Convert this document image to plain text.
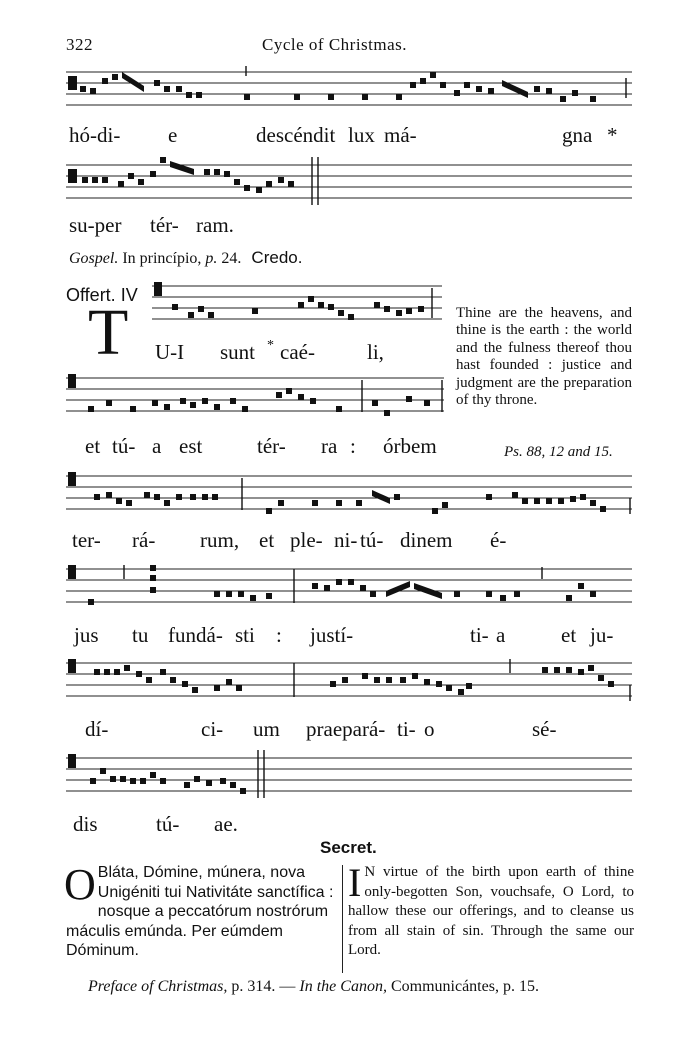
322	Cycle of Christmas.
hó-di- e	descéndit lux má-	gna *
su-per tér- ram.
Gospel. In princípio, p. 24. Credo.
Offert. IV
T U-I sunt * caé- li,
Thine are the heavens, and thine is the earth : the world and the fulness thereof thou hast founded : justice and judgment are the preparation of thy throne.
Ps. 88, 12 and 15.
et tú- a est	tér- ra : órbem
ter- rá- rum, et ple- ni- tú- dinem é-
jus tu fundá- sti : justí-	ti- a	et ju-
dí-	ci- um praepará- ti- o	sé-
dis	tú- ae.
Secret.
O Bláta, Dómine, múnera, nova Unigéniti tui Nativitáte sanctífica : nosque a peccatórum nostrórum máculis emúnda. Per eúmdem Dóminum.
I N virtue of the birth upon earth of thine only-begotten Son, vouchsafe, O Lord, to hallow these our offerings, and to cleanse us from all stain of sin. Through the same our Lord.
Preface of Christmas, p. 314. — In the Canon, Communicántes, p. 15.
